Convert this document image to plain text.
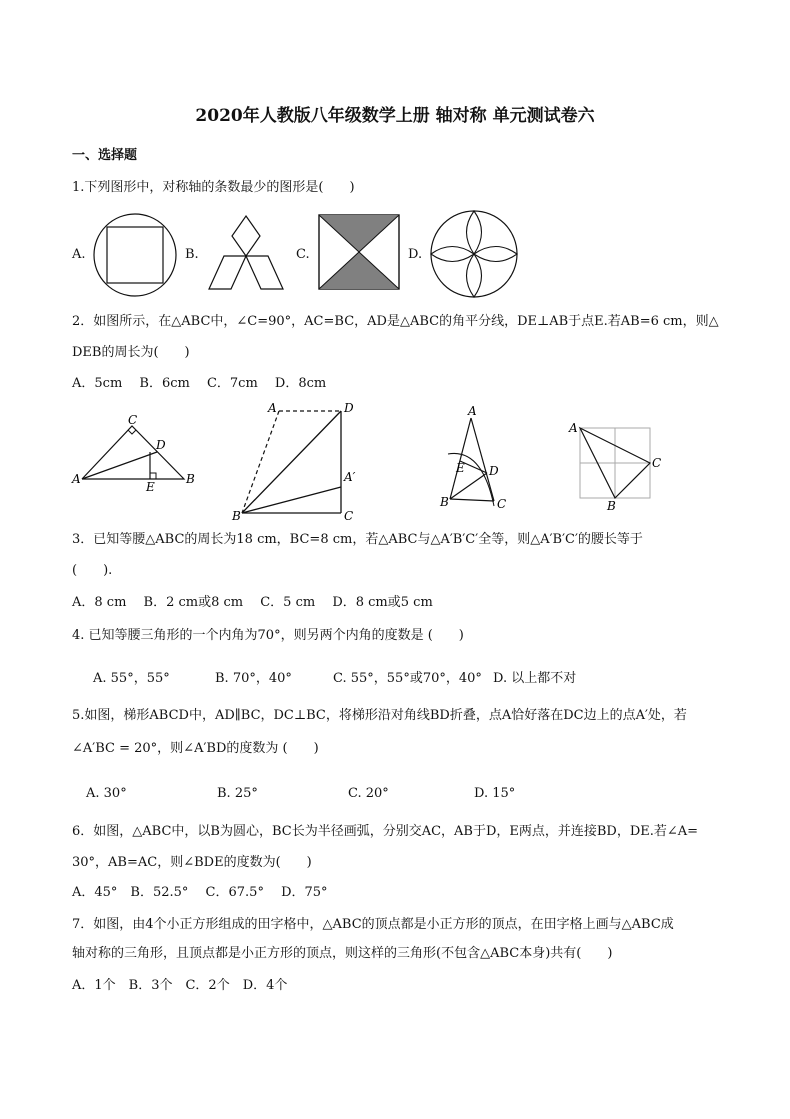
2020年人教版八年级数学上册 轴对称 单元测试卷六
一、选择题
1.下列图形中，对称轴的条数最少的图形是(　　)
A.	B.	C.	D.
2．如图所示，在△ABC中，∠C=90°，AC=BC，AD是△ABC的角平分线，DE⊥AB于点E.若AB=6 cm，则△
DEB的周长为(　　)
A．5cm　 B．6cm　 C．7cm　 D．8cm
C
D
A	B
E
A	D
A′
B	C
A
E D
B	C
A
C
B
3．已知等腰△ABC的周长为18 cm，BC=8 cm，若△ABC与△A′B′C′全等，则△A′B′C′的腰长等于
(　　).
A．8 cm　 B．2 cm或8 cm　 C．5 cm　 D．8 cm或5 cm
4. 已知等腰三角形的一个内角为70°，则另两个内角的度数是 (　　)
A. 55°，55°	B. 70°，40°	C. 55°，55°或70°，40° D. 以上都不对
5.如图，梯形ABCD中，AD∥BC，DC⊥BC，将梯形沿对角线BD折叠，点A恰好落在DC边上的点A′处，若
∠A′BC = 20°，则∠A′BD的度数为 (　　)
A. 30°	B. 25°	C. 20°	D. 15°
6．如图，△ABC中，以B为圆心，BC长为半径画弧，分别交AC，AB于D，E两点，并连接BD，DE.若∠A=
30°，AB=AC，则∠BDE的度数为(　　)
A．45°　B．52.5°　 C．67.5°　 D．75°
7．如图，由4个小正方形组成的田字格中，△ABC的顶点都是小正方形的顶点，在田字格上画与△ABC成
轴对称的三角形，且顶点都是小正方形的顶点，则这样的三角形(不包含△ABC本身)共有(　　)
A．1个　B．3个　C．2个　D．4个
